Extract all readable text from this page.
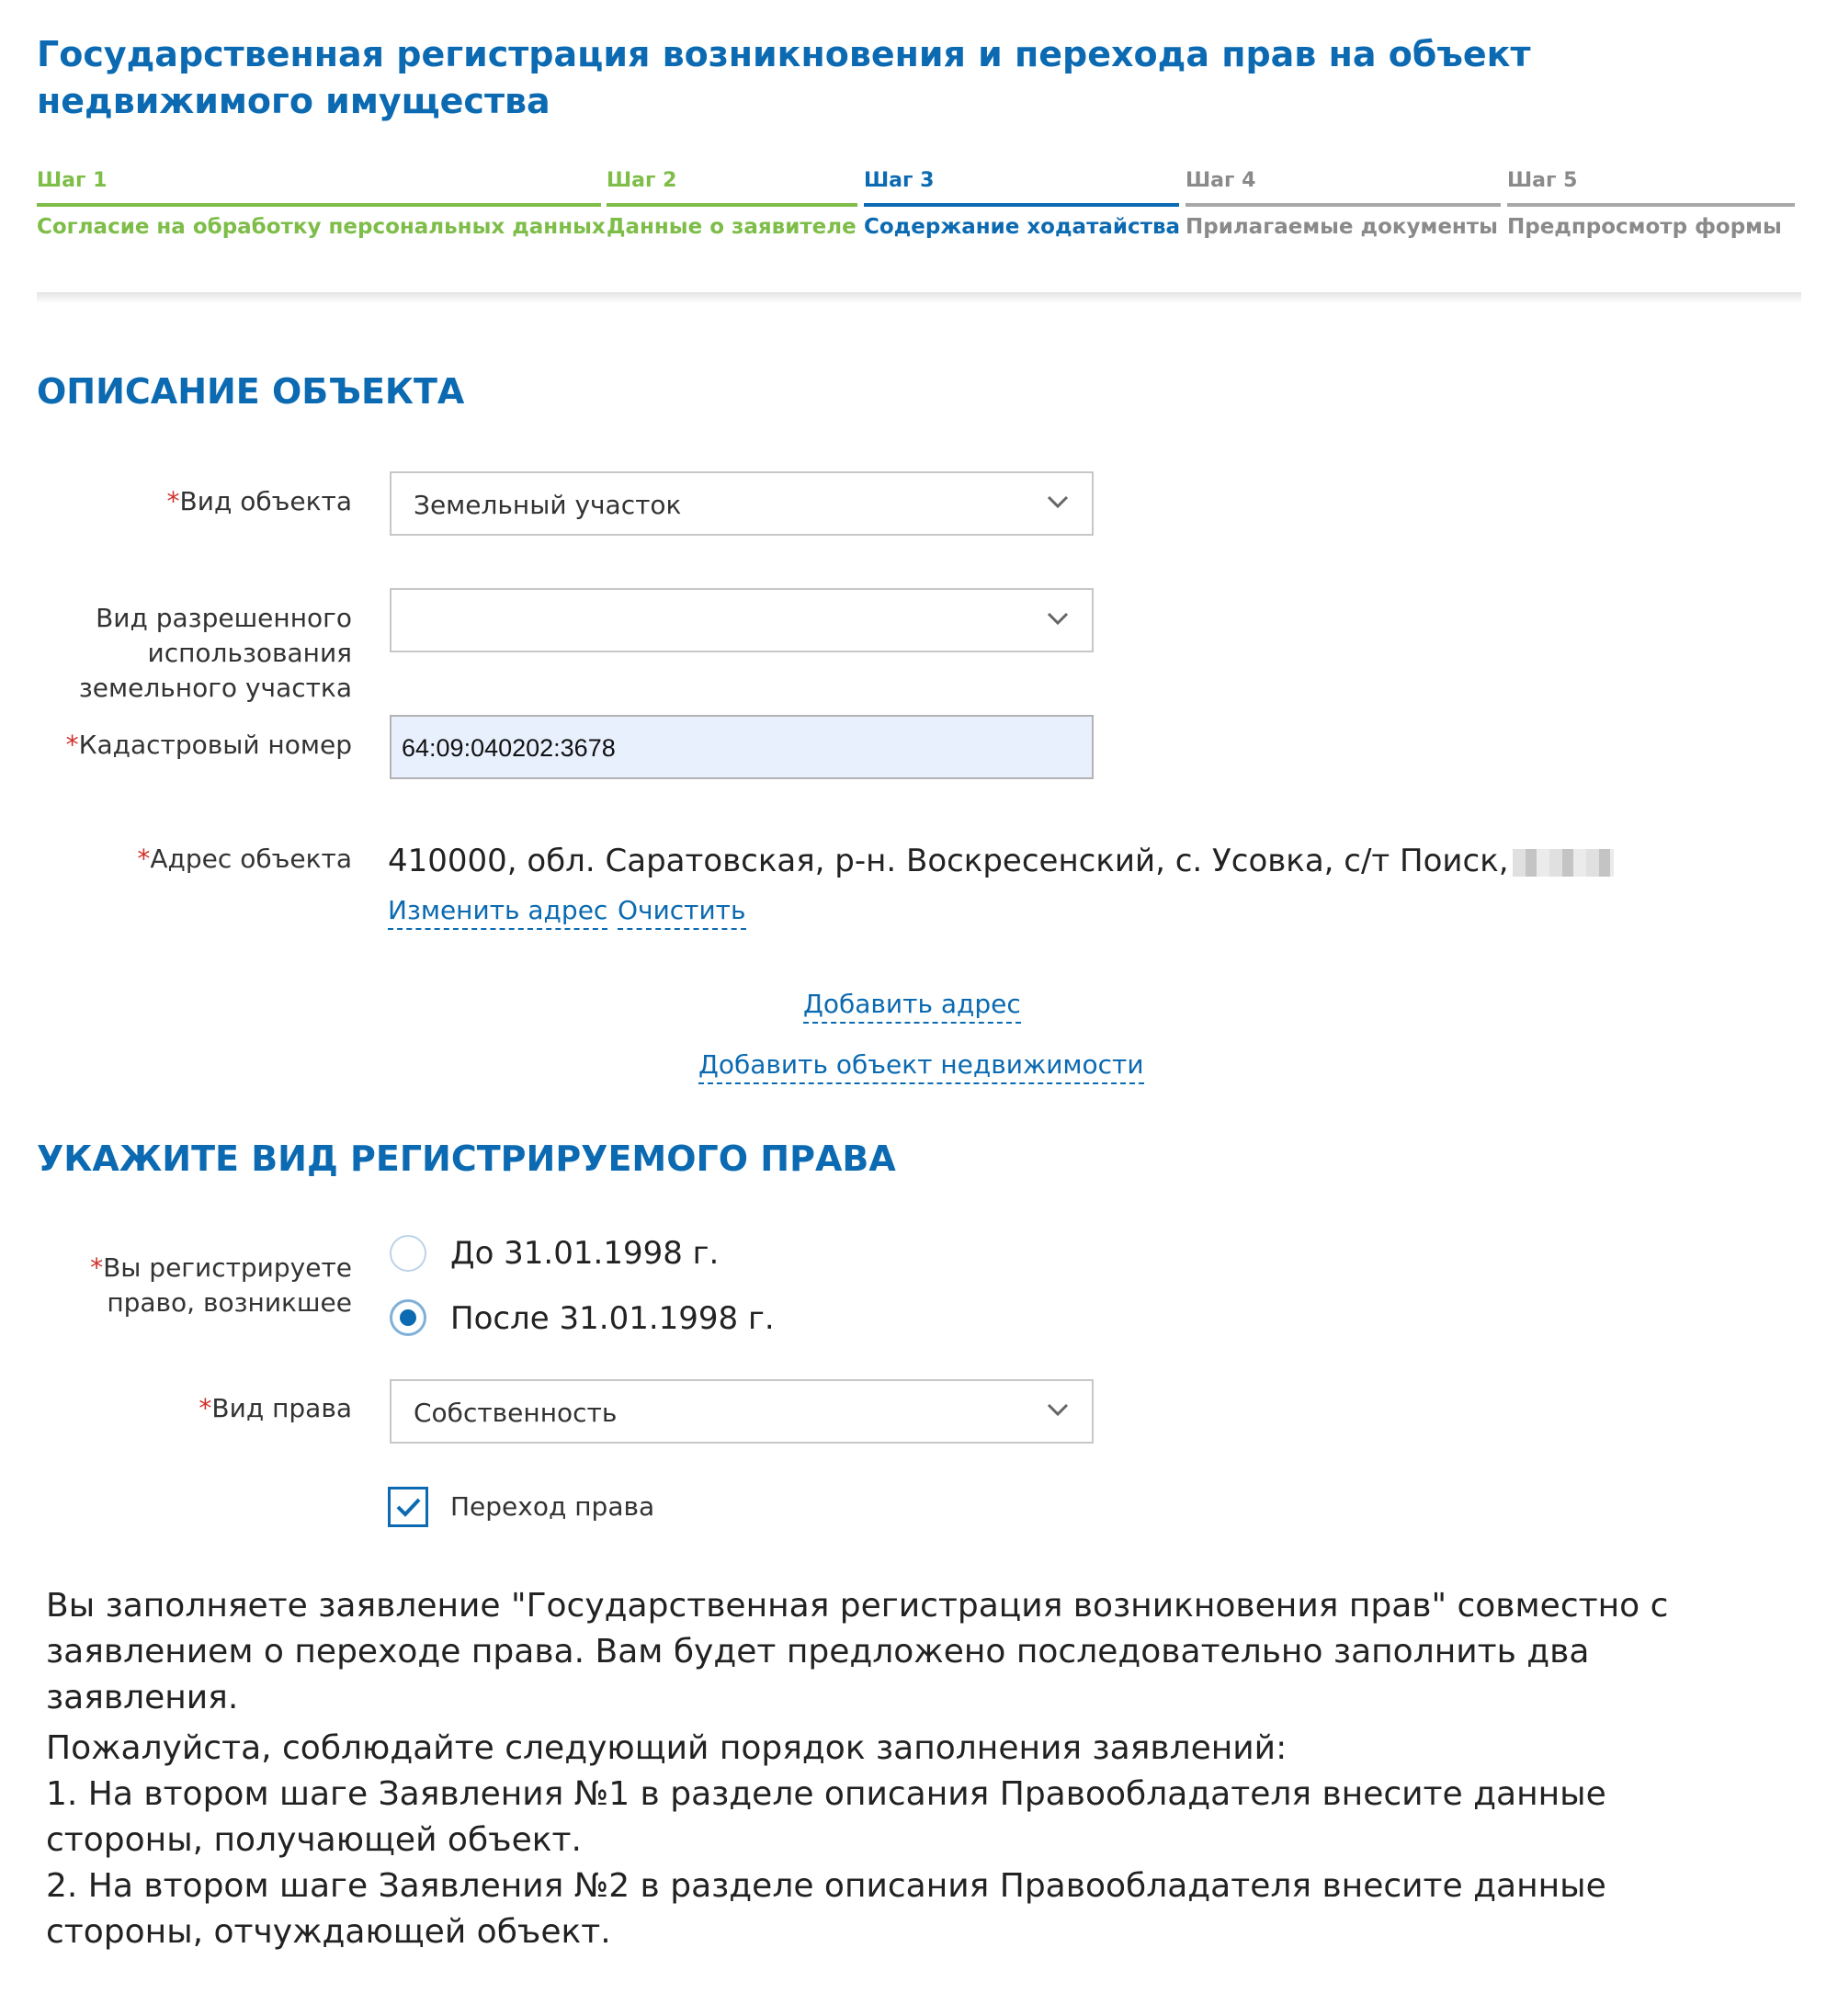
Государственная регистрация возникновения и перехода прав на объект недвижимого имущества
Шаг 1
Согласие на обработку персональных данных
Шаг 2
Данные о заявителе
Шаг 3
Содержание ходатайства
Шаг 4
Прилагаемые документы
Шаг 5
Предпросмотр формы
ОПИСАНИЕ ОБЪЕКТА
*Вид объекта Земельный участок
Вид разрешенного использования земельного участка
*Кадастровый номер 64:09:040202:3678
*Адрес объекта 410000, обл. Саратовская, р-н. Воскресенский, с. Усовка, с/т Поиск,
Изменить адрес Очистить
Добавить адрес
Добавить объект недвижимости
УКАЖИТЕ ВИД РЕГИСТРИРУЕМОГО ПРАВА
*Вы регистрируете право, возникшее
До 31.01.1998 г.
После 31.01.1998 г.
*Вид права Собственность
Переход права
Вы заполняете заявление "Государственная регистрация возникновения прав" совместно с заявлением о переходе права. Вам будет предложено последовательно заполнить два заявления.
Пожалуйста, соблюдайте следующий порядок заполнения заявлений:
1. На втором шаге Заявления №1 в разделе описания Правообладателя внесите данные стороны, получающей объект.
2. На втором шаге Заявления №2 в разделе описания Правообладателя внесите данные стороны, отчуждающей объект.
